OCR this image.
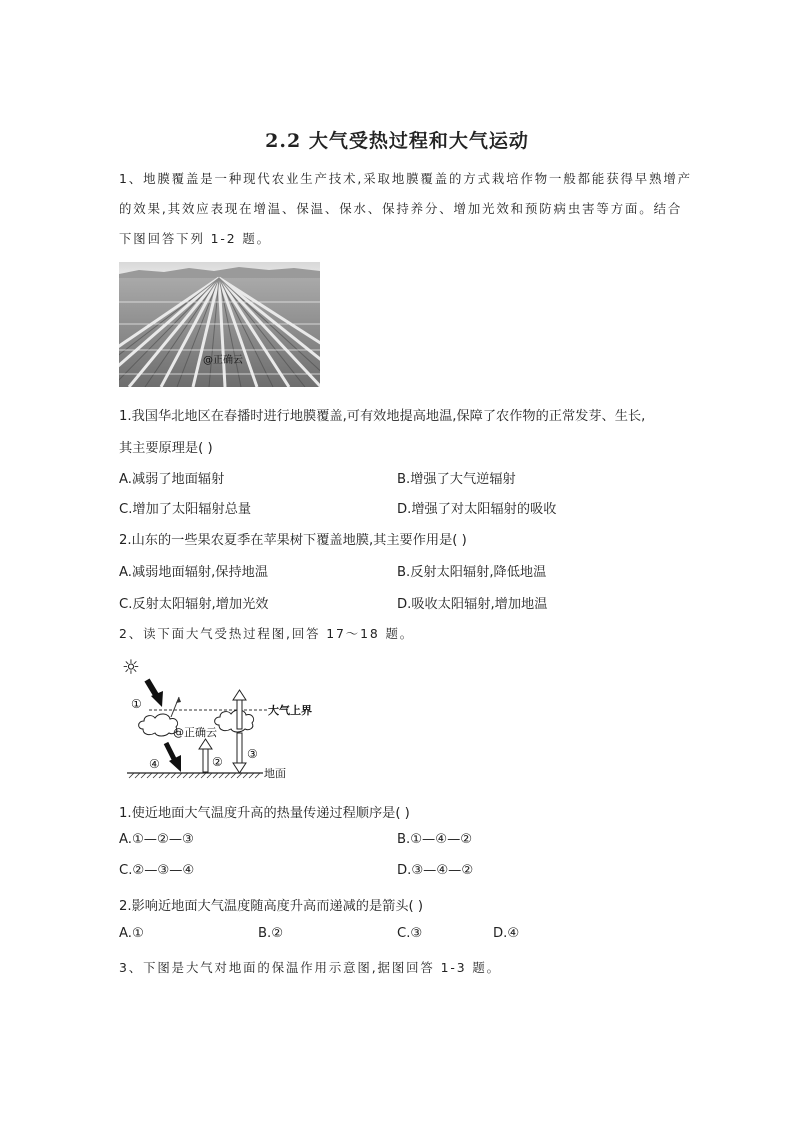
2.2 大气受热过程和大气运动
1、地膜覆盖是一种现代农业生产技术,采取地膜覆盖的方式栽培作物一般都能获得早熟增产
的效果,其效应表现在增温、保温、保水、保持养分、增加光效和预防病虫害等方面。结合
下图回答下列 1-2 题。
@正确云
1.我国华北地区在春播时进行地膜覆盖,可有效地提高地温,保障了农作物的正常发芽、生长,
其主要原理是( )
A.减弱了地面辐射	B.增强了大气逆辐射
C.增加了太阳辐射总量	D.增强了对太阳辐射的吸收
2.山东的一些果农夏季在苹果树下覆盖地膜,其主要作用是( )
A.减弱地面辐射,保持地温	B.反射太阳辐射,降低地温
C.反射太阳辐射,增加光效	D.吸收太阳辐射,增加地温
2、读下面大气受热过程图,回答 17～18 题。
☼
大气上界
①
@正确云
④	②
③
地面
1.使近地面大气温度升高的热量传递过程顺序是( )
A.①—②—③	B.①—④—②
C.②—③—④	D.③—④—②
2.影响近地面大气温度随高度升高而递减的是箭头( )
A.①	B.②	C.③	D.④
3、下图是大气对地面的保温作用示意图,据图回答 1-3 题。
